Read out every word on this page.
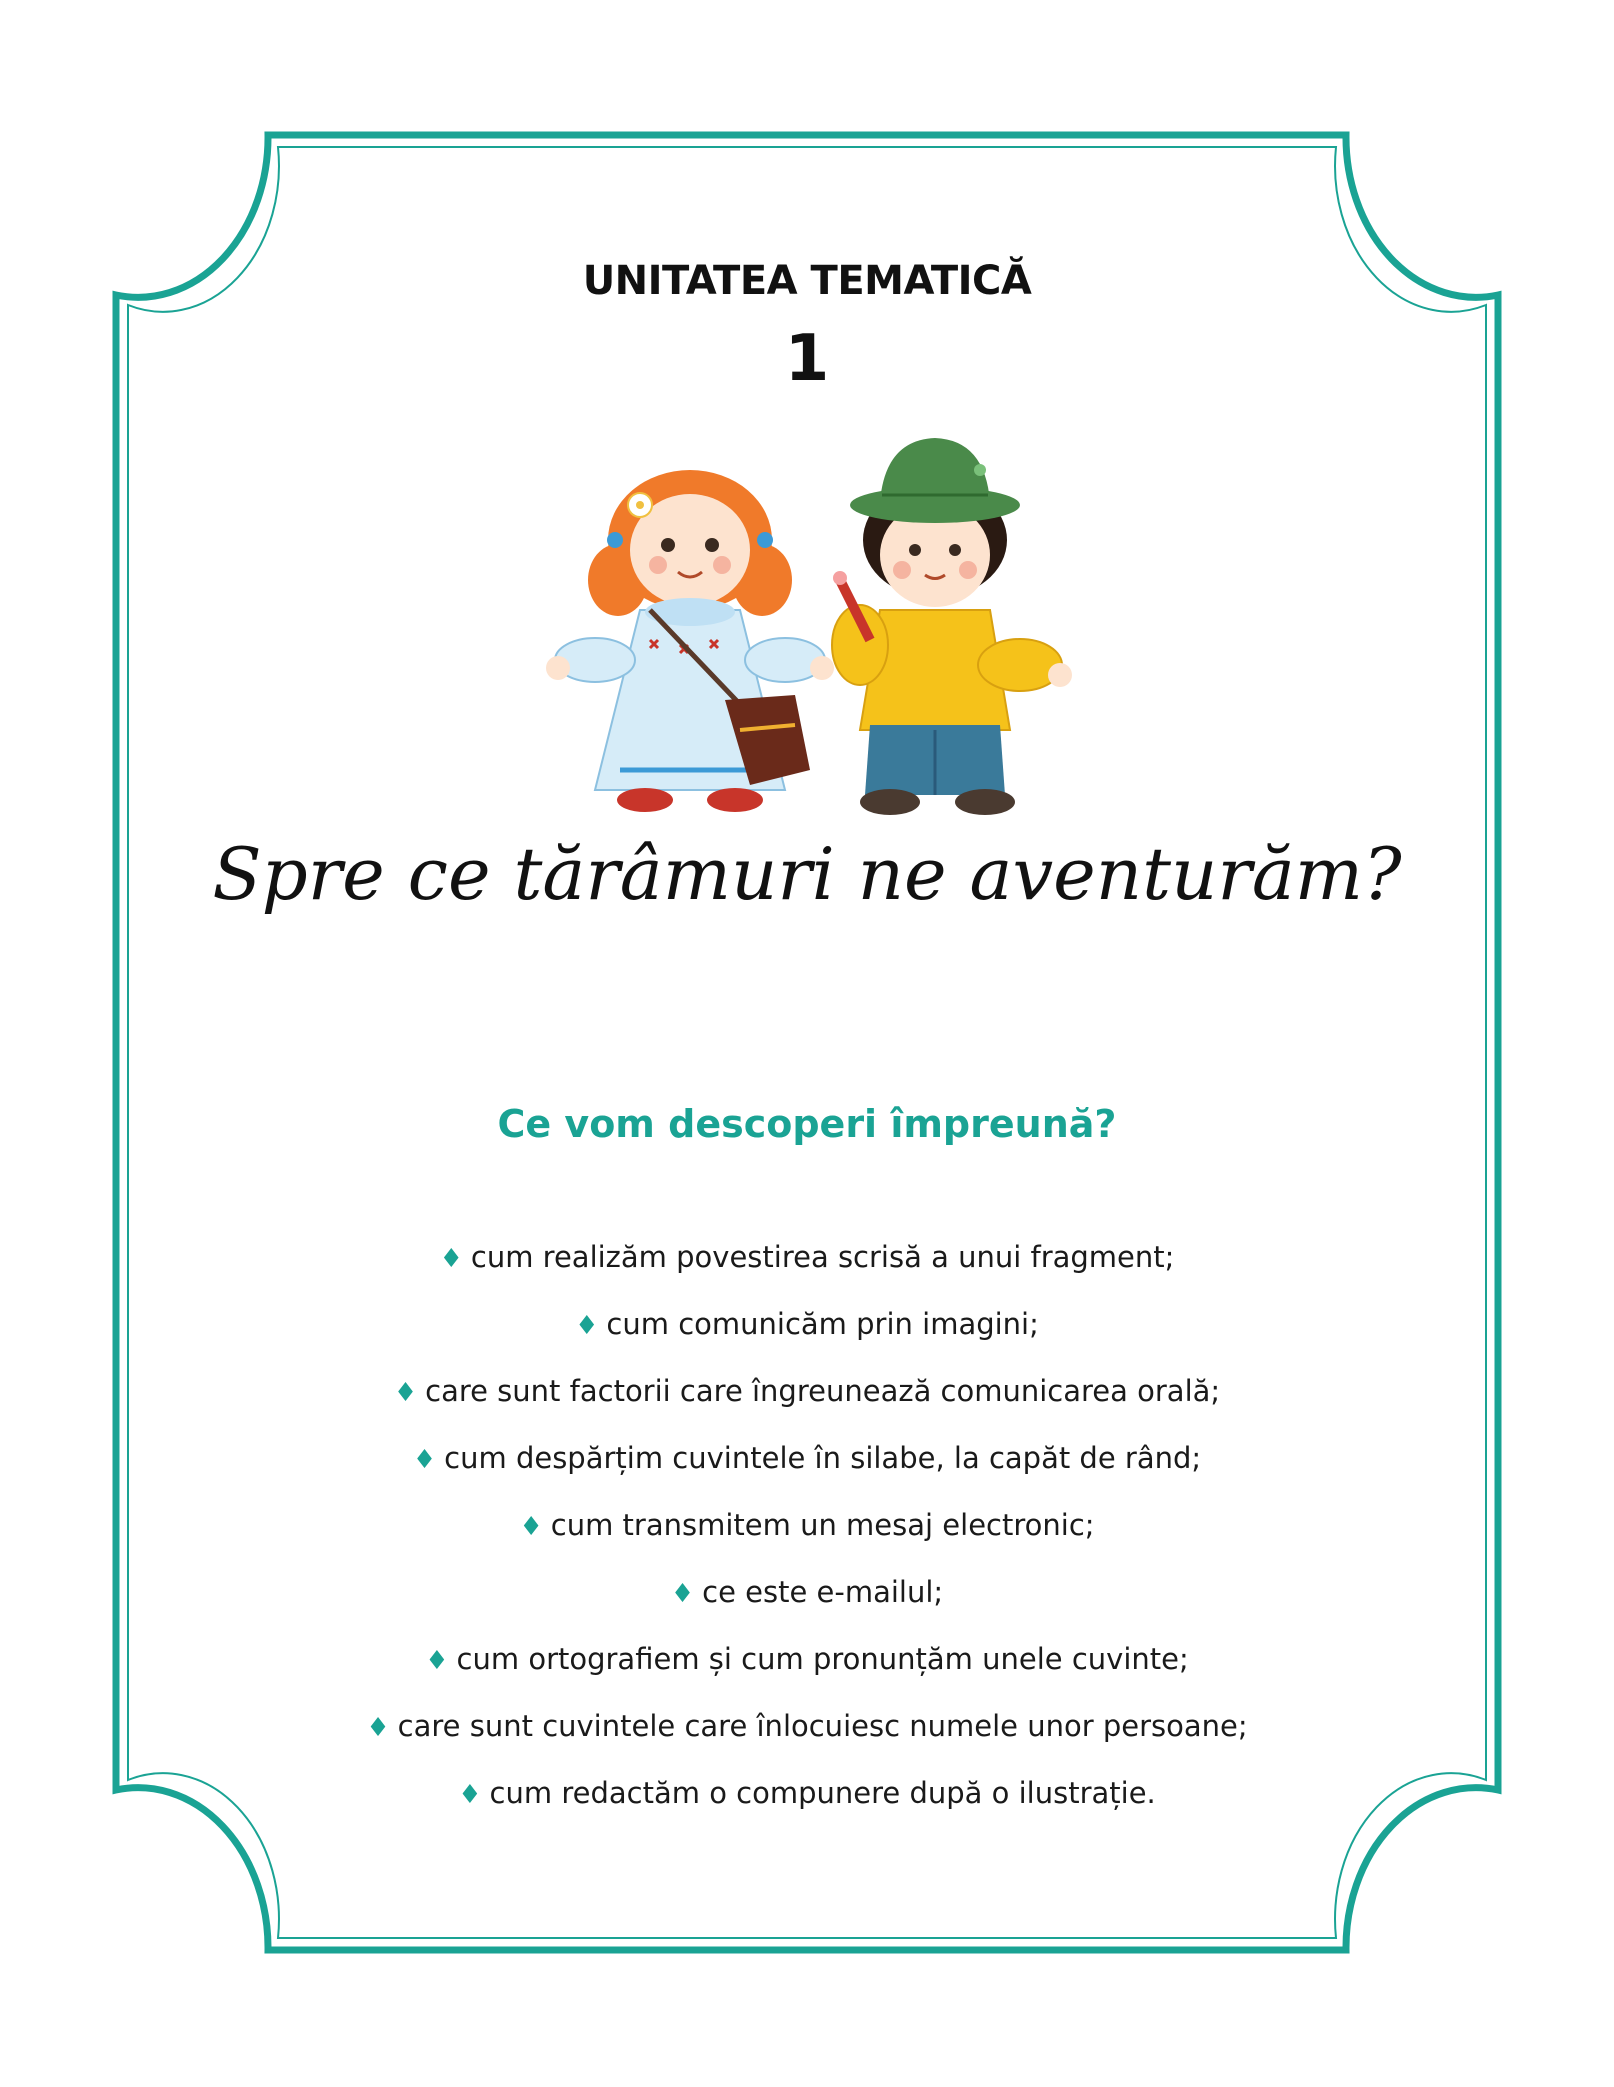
UNITATEA TEMATICĂ
1
Spre ce tărâmuri ne aventurăm?
Ce vom descoperi împreună?
♦ cum realizăm povestirea scrisă a unui fragment;
♦ cum comunicăm prin imagini;
♦ care sunt factorii care îngreunează comunicarea orală;
♦ cum despărțim cuvintele în silabe, la capăt de rând;
♦ cum transmitem un mesaj electronic;
♦ ce este e-mailul;
♦ cum ortografiem și cum pronunțăm unele cuvinte;
♦ care sunt cuvintele care înlocuiesc numele unor persoane;
♦ cum redactăm o compunere după o ilustrație.
